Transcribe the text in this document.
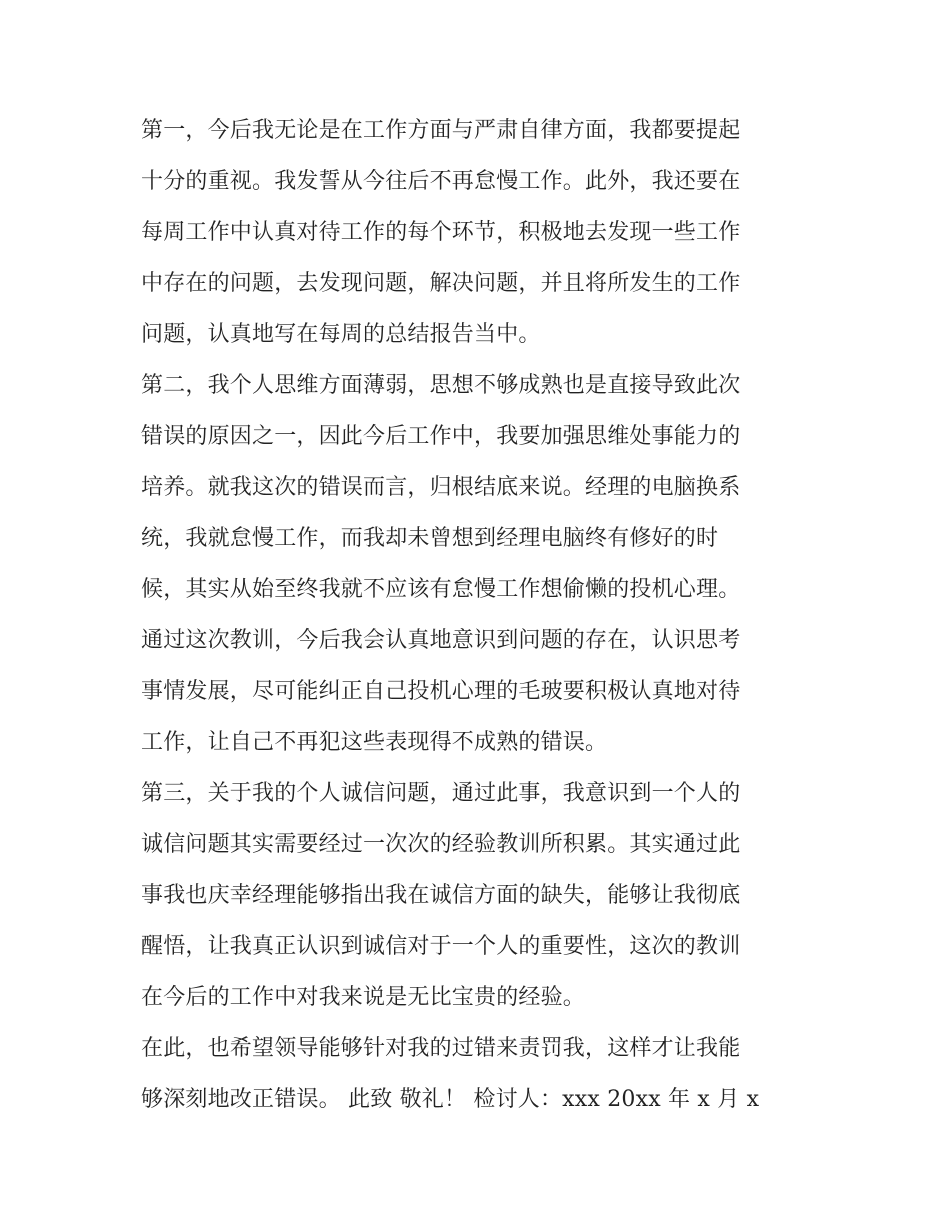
第一，今后我无论是在工作方面与严肃自律方面，我都要提起
十分的重视。我发誓从今往后不再怠慢工作。此外，我还要在
每周工作中认真对待工作的每个环节，积极地去发现一些工作
中存在的问题，去发现问题，解决问题，并且将所发生的工作
问题，认真地写在每周的总结报告当中。
第二，我个人思维方面薄弱，思想不够成熟也是直接导致此次
错误的原因之一，因此今后工作中，我要加强思维处事能力的
培养。就我这次的错误而言，归根结底来说。经理的电脑换系
统，我就怠慢工作，而我却未曾想到经理电脑终有修好的时
候，其实从始至终我就不应该有怠慢工作想偷懒的投机心理。
通过这次教训，今后我会认真地意识到问题的存在，认识思考
事情发展，尽可能纠正自己投机心理的毛玻要积极认真地对待
工作，让自己不再犯这些表现得不成熟的错误。
第三，关于我的个人诚信问题，通过此事，我意识到一个人的
诚信问题其实需要经过一次次的经验教训所积累。其实通过此
事我也庆幸经理能够指出我在诚信方面的缺失，能够让我彻底
醒悟，让我真正认识到诚信对于一个人的重要性，这次的教训
在今后的工作中对我来说是无比宝贵的经验。
在此，也希望领导能够针对我的过错来责罚我，这样才让我能
够深刻地改正错误。 此致 敬礼！ 检讨人：xxx 20xx 年 x 月 x
